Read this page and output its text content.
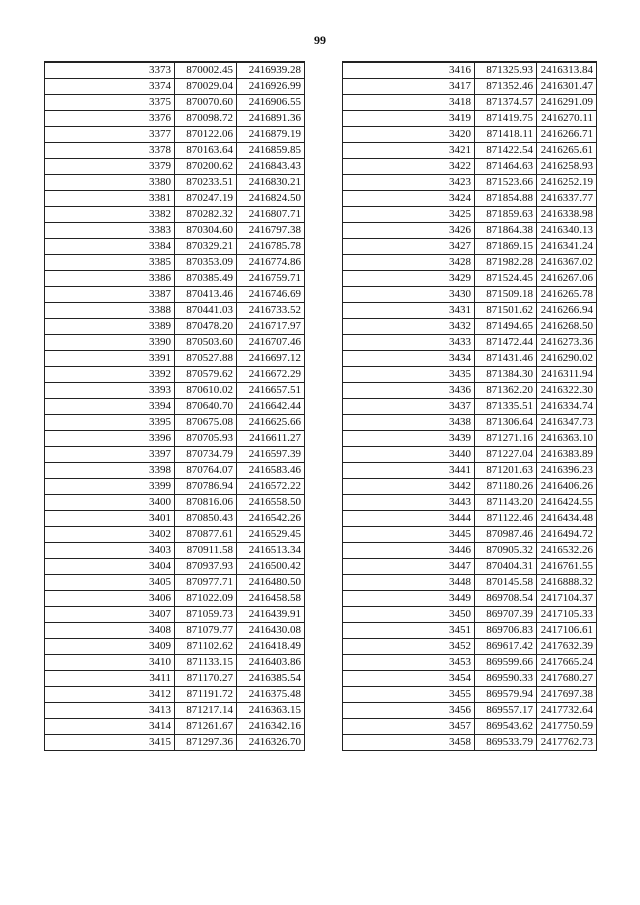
99
3373	870002.45	2416939.28
3374	870029.04	2416926.99
3375	870070.60	2416906.55
3376	870098.72	2416891.36
3377	870122.06	2416879.19
3378	870163.64	2416859.85
3379	870200.62	2416843.43
3380	870233.51	2416830.21
3381	870247.19	2416824.50
3382	870282.32	2416807.71
3383	870304.60	2416797.38
3384	870329.21	2416785.78
3385	870353.09	2416774.86
3386	870385.49	2416759.71
3387	870413.46	2416746.69
3388	870441.03	2416733.52
3389	870478.20	2416717.97
3390	870503.60	2416707.46
3391	870527.88	2416697.12
3392	870579.62	2416672.29
3393	870610.02	2416657.51
3394	870640.70	2416642.44
3395	870675.08	2416625.66
3396	870705.93	2416611.27
3397	870734.79	2416597.39
3398	870764.07	2416583.46
3399	870786.94	2416572.22
3400	870816.06	2416558.50
3401	870850.43	2416542.26
3402	870877.61	2416529.45
3403	870911.58	2416513.34
3404	870937.93	2416500.42
3405	870977.71	2416480.50
3406	871022.09	2416458.58
3407	871059.73	2416439.91
3408	871079.77	2416430.08
3409	871102.62	2416418.49
3410	871133.15	2416403.86
3411	871170.27	2416385.54
3412	871191.72	2416375.48
3413	871217.14	2416363.15
3414	871261.67	2416342.16
3415	871297.36	2416326.70
3416	871325.93	2416313.84
3417	871352.46	2416301.47
3418	871374.57	2416291.09
3419	871419.75	2416270.11
3420	871418.11	2416266.71
3421	871422.54	2416265.61
3422	871464.63	2416258.93
3423	871523.66	2416252.19
3424	871854.88	2416337.77
3425	871859.63	2416338.98
3426	871864.38	2416340.13
3427	871869.15	2416341.24
3428	871982.28	2416367.02
3429	871524.45	2416267.06
3430	871509.18	2416265.78
3431	871501.62	2416266.94
3432	871494.65	2416268.50
3433	871472.44	2416273.36
3434	871431.46	2416290.02
3435	871384.30	2416311.94
3436	871362.20	2416322.30
3437	871335.51	2416334.74
3438	871306.64	2416347.73
3439	871271.16	2416363.10
3440	871227.04	2416383.89
3441	871201.63	2416396.23
3442	871180.26	2416406.26
3443	871143.20	2416424.55
3444	871122.46	2416434.48
3445	870987.46	2416494.72
3446	870905.32	2416532.26
3447	870404.31	2416761.55
3448	870145.58	2416888.32
3449	869708.54	2417104.37
3450	869707.39	2417105.33
3451	869706.83	2417106.61
3452	869617.42	2417632.39
3453	869599.66	2417665.24
3454	869590.33	2417680.27
3455	869579.94	2417697.38
3456	869557.17	2417732.64
3457	869543.62	2417750.59
3458	869533.79	2417762.73
